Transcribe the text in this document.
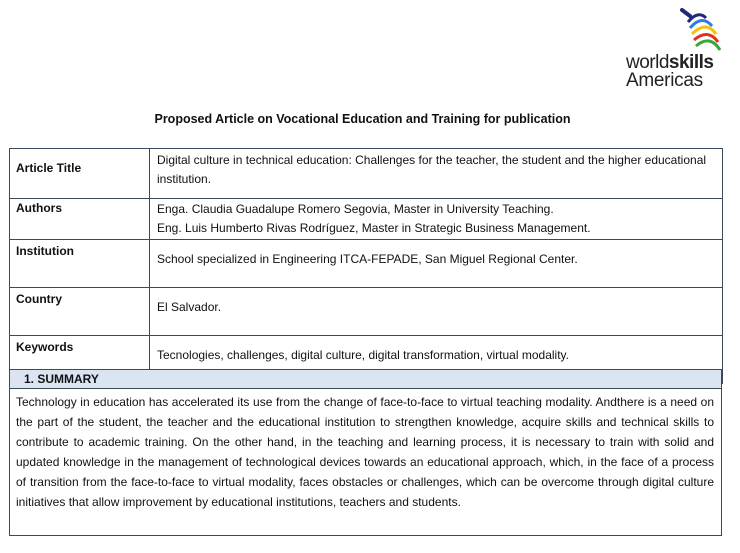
worldskills
Americas
Proposed Article on Vocational Education and Training for publication
Article Title	Digital culture in technical education: Challenges for the teacher, the student and the higher educational institution.
Authors	Enga. Claudia Guadalupe Romero Segovia, Master in University Teaching.
Eng. Luis Humberto Rivas Rodríguez, Master in Strategic Business Management.

Institution	School specialized in Engineering ITCA-FEPADE, San Miguel Regional Center.
Country	El Salvador.
Keywords	Tecnologies, challenges, digital culture, digital transformation, virtual modality.
1. SUMMARY
Technology in education has accelerated its use from the change of face-to-face to virtual teaching modality. Andthere is a need on the part of the student, the teacher and the educational institution to strengthen knowledge, acquire skills and technical skills to contribute to academic training. On the other hand, in the teaching and learning process, it is necessary to train with solid and updated knowledge in the management of technological devices towards an educational approach, which, in the face of a process of transition from the face-to-face to virtual modality, faces obstacles or challenges, which can be overcome through digital culture initiatives that allow improvement by educational institutions, teachers and students.
